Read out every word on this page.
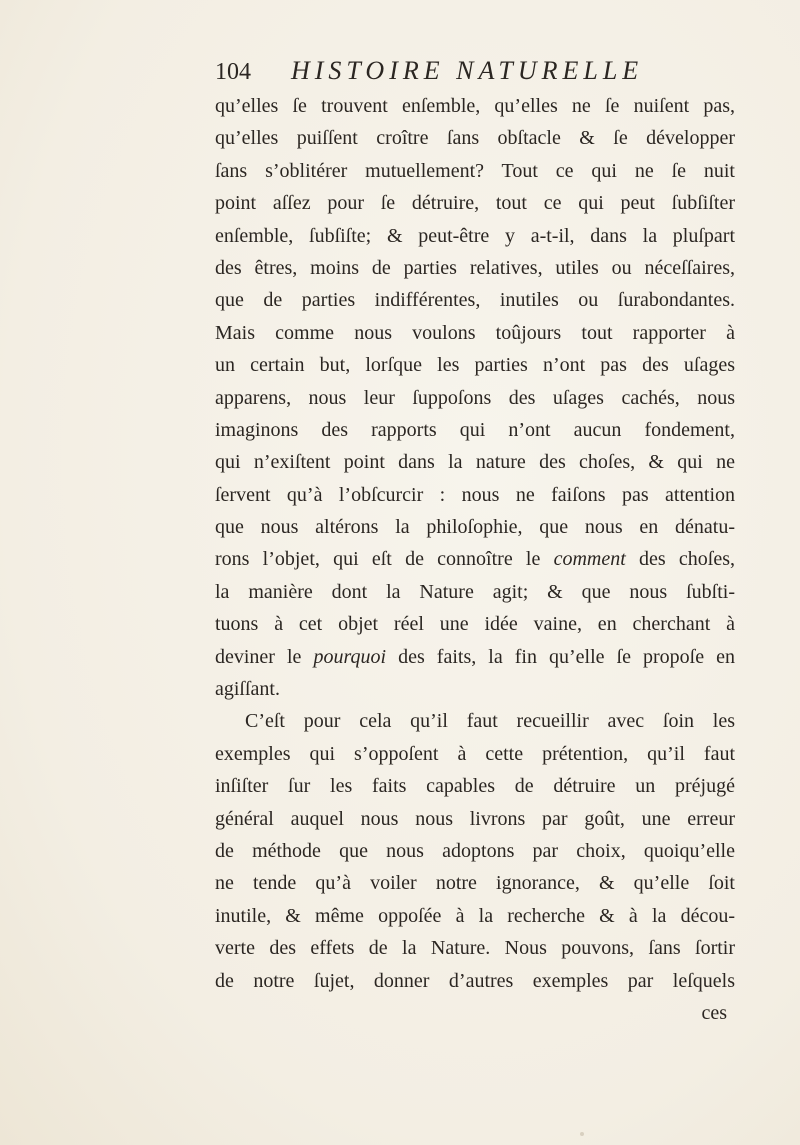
104 HISTOIRE NATURELLE
qu’elles ſe trouvent enſemble, qu’elles ne ſe nuiſent pas,
qu’elles puiſſent croître ſans obſtacle & ſe développer
ſans s’oblitérer mutuellement? Tout ce qui ne ſe nuit
point aſſez pour ſe détruire, tout ce qui peut ſubſiſter
enſemble, ſubſiſte; & peut-être y a-t-il, dans la pluſpart
des êtres, moins de parties relatives, utiles ou néceſſaires,
que de parties indifférentes, inutiles ou ſurabondantes.
Mais comme nous voulons toûjours tout rapporter à
un certain but, lorſque les parties n’ont pas des uſages
apparens, nous leur ſuppoſons des uſages cachés, nous
imaginons des rapports qui n’ont aucun fondement,
qui n’exiſtent point dans la nature des choſes, & qui ne
ſervent qu’à l’obſcurcir : nous ne faiſons pas attention
que nous altérons la philoſophie, que nous en dénatu-
rons l’objet, qui eſt de connoître le comment des choſes,
la manière dont la Nature agit; & que nous ſubſti-
tuons à cet objet réel une idée vaine, en cherchant à
deviner le pourquoi des faits, la fin qu’elle ſe propoſe en
agiſſant.
C’eſt pour cela qu’il faut recueillir avec ſoin les
exemples qui s’oppoſent à cette prétention, qu’il faut
inſiſter ſur les faits capables de détruire un préjugé
général auquel nous nous livrons par goût, une erreur
de méthode que nous adoptons par choix, quoiqu’elle
ne tende qu’à voiler notre ignorance, & qu’elle ſoit
inutile, & même oppoſée à la recherche & à la décou-
verte des effets de la Nature. Nous pouvons, ſans ſortir
de notre ſujet, donner d’autres exemples par leſquels
ces
